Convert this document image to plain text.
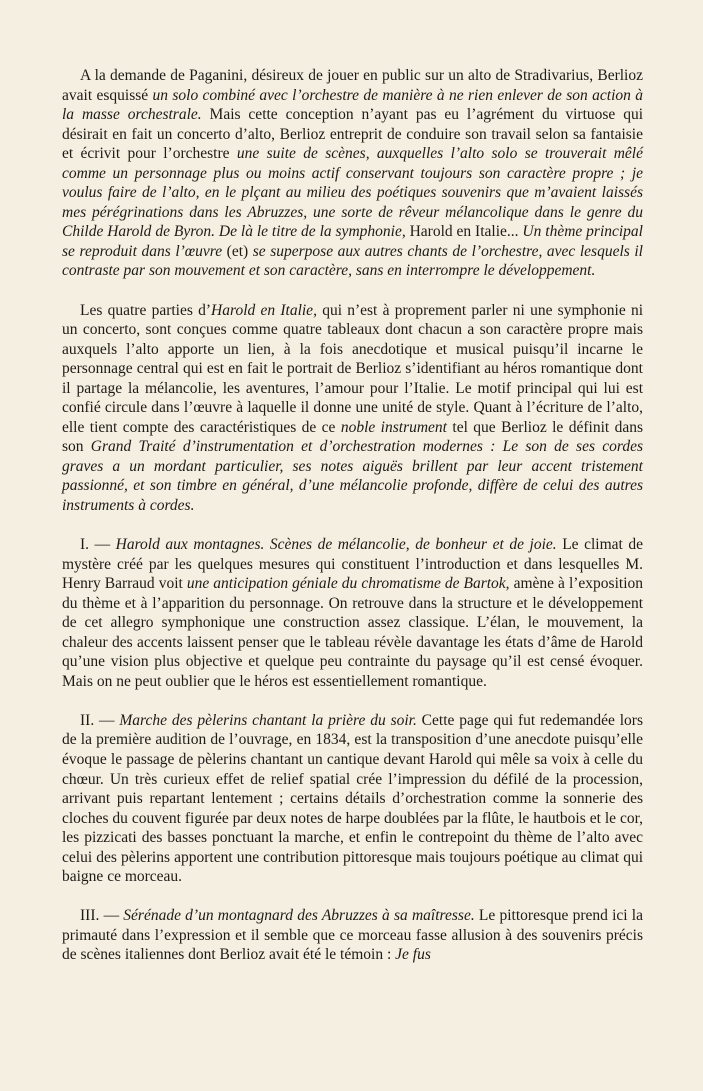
A la demande de Paganini, désireux de jouer en public sur un alto de Stradivarius, Berlioz avait esquissé un solo combiné avec l’orchestre de manière à ne rien enlever de son action à la masse orchestrale. Mais cette conception n’ayant pas eu l’agrément du virtuose qui désirait en fait un concerto d’alto, Berlioz entreprit de conduire son travail selon sa fantaisie et écrivit pour l’orchestre une suite de scènes, auxquelles l’alto solo se trouverait mêlé comme un personnage plus ou moins actif conservant toujours son caractère propre ; je voulus faire de l’alto, en le plçant au milieu des poétiques souvenirs que m’avaient laissés mes pérégrinations dans les Abruzzes, une sorte de rêveur mélancolique dans le genre du Childe Harold de Byron. De là le titre de la symphonie, Harold en Italie... Un thème principal se reproduit dans l’œuvre (et) se superpose aux autres chants de l’orchestre, avec lesquels il contraste par son mouvement et son caractère, sans en interrompre le développement.

Les quatre parties d’Harold en Italie, qui n’est à proprement parler ni une symphonie ni un concerto, sont conçues comme quatre tableaux dont chacun a son caractère propre mais auxquels l’alto apporte un lien, à la fois anecdotique et musical puisqu’il incarne le personnage central qui est en fait le portrait de Berlioz s’identifiant au héros romantique dont il partage la mélancolie, les aventures, l’amour pour l’Italie. Le motif principal qui lui est confié circule dans l’œuvre à laquelle il donne une unité de style. Quant à l’écriture de l’alto, elle tient compte des caractéristiques de ce noble instrument tel que Berlioz le définit dans son Grand Traité d’instrumentation et d’orchestration modernes : Le son de ses cordes graves a un mordant particulier, ses notes aiguës brillent par leur accent tristement passionné, et son timbre en général, d’une mélancolie profonde, diffère de celui des autres instruments à cordes.

I. — Harold aux montagnes. Scènes de mélancolie, de bonheur et de joie. Le climat de mystère créé par les quelques mesures qui constituent l’introduction et dans lesquelles M. Henry Barraud voit une anticipation géniale du chromatisme de Bartok, amène à l’exposition du thème et à l’apparition du personnage. On retrouve dans la structure et le développement de cet allegro symphonique une construction assez classique. L’élan, le mouvement, la chaleur des accents laissent penser que le tableau révèle davantage les états d’âme de Harold qu’une vision plus objective et quelque peu contrainte du paysage qu’il est censé évoquer. Mais on ne peut oublier que le héros est essentiellement romantique.

II. — Marche des pèlerins chantant la prière du soir. Cette page qui fut redemandée lors de la première audition de l’ouvrage, en 1834, est la transposition d’une anecdote puisqu’elle évoque le passage de pèlerins chantant un cantique devant Harold qui mêle sa voix à celle du chœur. Un très curieux effet de relief spatial crée l’impression du défilé de la procession, arrivant puis repartant lentement ; certains détails d’orchestration comme la sonnerie des cloches du couvent figurée par deux notes de harpe doublées par la flûte, le hautbois et le cor, les pizzicati des basses ponctuant la marche, et enfin le contrepoint du thème de l’alto avec celui des pèlerins apportent une contribution pittoresque mais toujours poétique au climat qui baigne ce morceau.

III. — Sérénade d’un montagnard des Abruzzes à sa maîtresse. Le pittoresque prend ici la primauté dans l’expression et il semble que ce morceau fasse allusion à des souvenirs précis de scènes italiennes dont Berlioz avait été le témoin : Je fus
